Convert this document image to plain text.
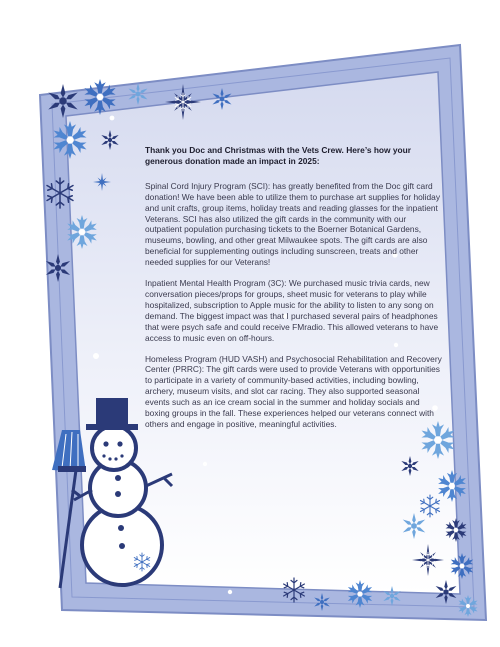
Thank you Doc and Christmas with the Vets Crew. Here’s how your generous donation made an impact in 2025:

Spinal Cord Injury Program (SCI): has greatly benefited from the Doc gift card donation! We have been able to utilize them to purchase art supplies for holiday and unit crafts, group items, holiday treats and reading glasses for the inpatient Veterans. SCI has also utilized the gift cards in the community with our outpatient population purchasing tickets to the Boerner Botanical Gardens, museums, bowling, and other great Milwaukee spots. The gift cards are also beneficial for supplementing outings including sunscreen, treats and other needed supplies for our Veterans!

Inpatient Mental Health Program (3C): We purchased music trivia cards, new conversation pieces/props for groups, sheet music for veterans to play while hospitalized, subscription to Apple music for the ability to listen to any song on demand. The biggest impact was that I purchased several pairs of headphones that were psych safe and could receive FMradio. This allowed veterans to have access to music even on off-hours.

Homeless Program (HUD VASH) and Psychosocial Rehabilitation and Recovery Center (PRRC): The gift cards were used to provide Veterans with opportunities to participate in a variety of community-based activities, including bowling, archery, museum visits, and slot car racing. They also supported seasonal events such as an ice cream social in the summer and holiday socials and boxing groups in the fall. These experiences helped our veterans connect with others and engage in positive, meaningful activities.
